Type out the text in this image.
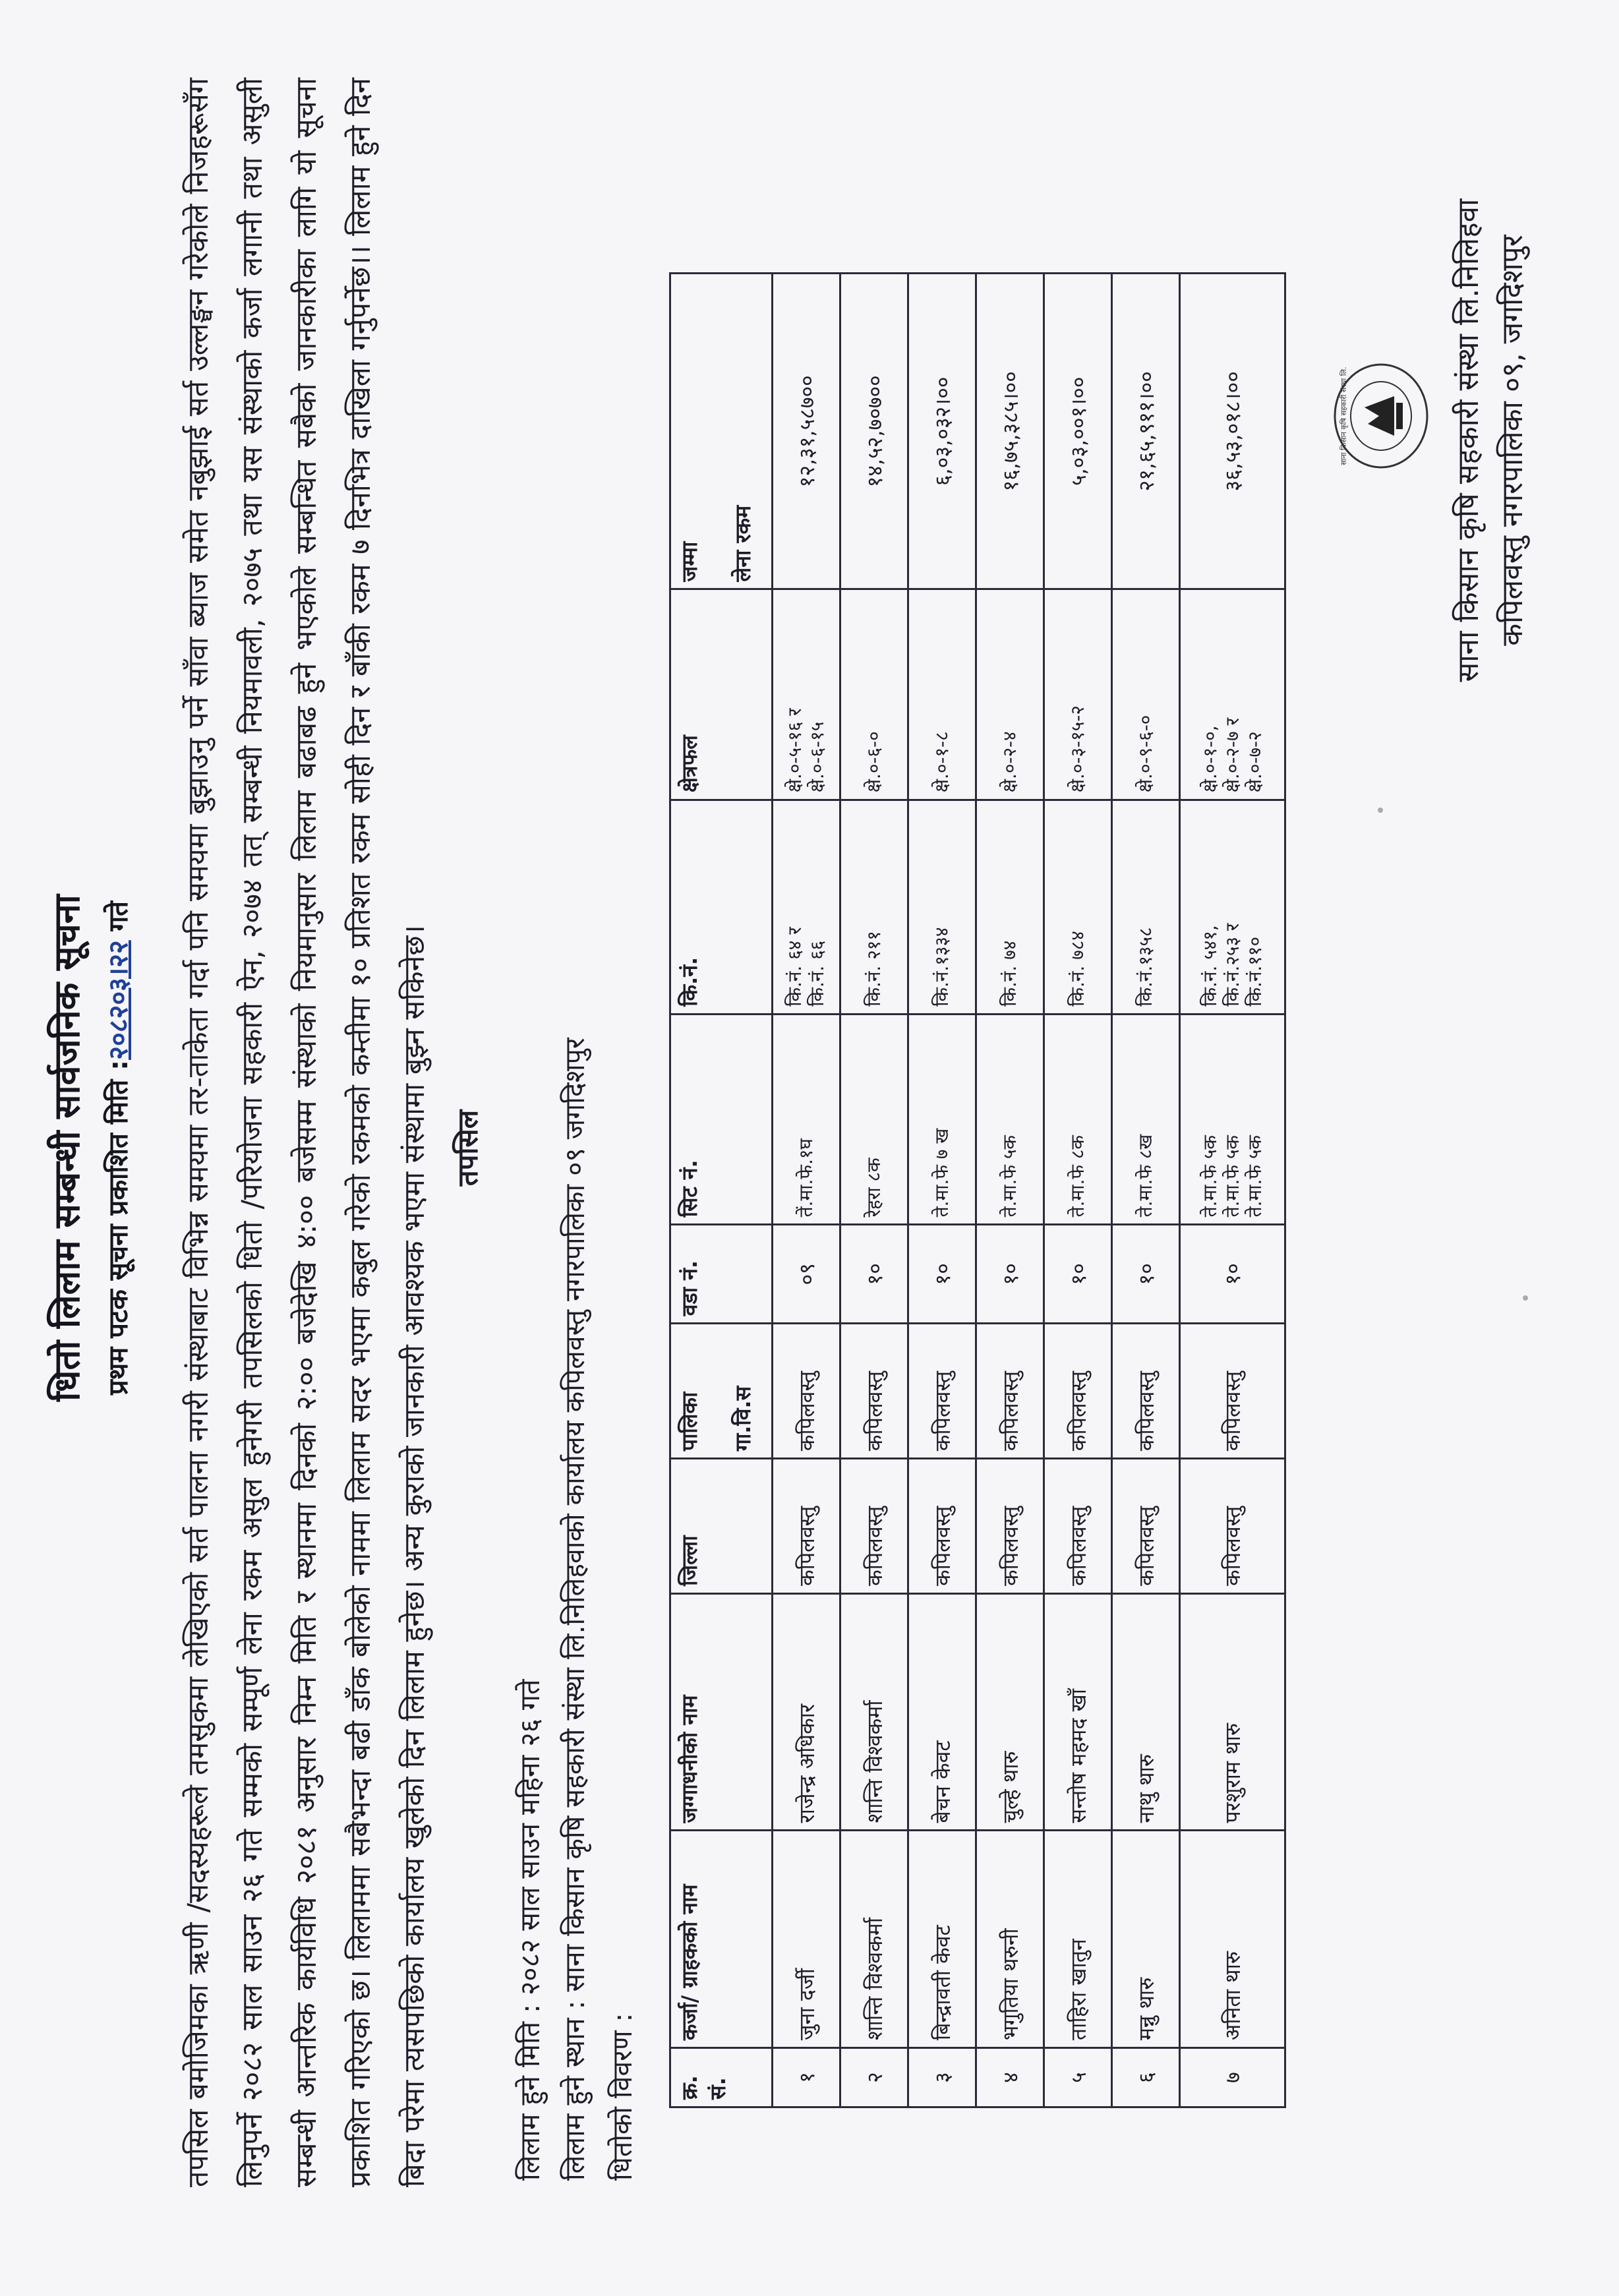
धितो लिलाम सम्बन्धी सार्वजनिक सूचना प्रथम पटक सूचना प्रकाशित मिति :२०८२०३।२२ गते	तपसिल बमोजिमका ऋणी /सदस्यहरूले तमसुकमा लेखिएको सर्त पालना नगरी संस्थाबाट विभिन्न समयमा तर-ताकेता गर्दा पनि समयमा बुझाउनु पर्ने साँवा ब्याज समेत नबुझाई सर्त उल्लङ्घन गरेकोले निजहरूसँग लिनुपर्ने २०८२ साल साउन २६ गते सम्मको सम्पूर्ण लेना रकम असुल हुनेगरी तपसिलको धितो /परियोजना सहकारी ऐन, २०७४ तत् सम्बन्धी नियमावली, २०७५ तथा यस संस्थाको कर्जा लगानी तथा असुली सम्बन्धी आन्तरिक कार्यविधि २०८१ अनुसार निम्न मिति र स्थानमा दिनको २:०० बजेदेखि ४:०० बजेसम्म संस्थाको नियमानुसार लिलाम बढाबढ हुने भएकोले सम्बन्धित सबैको जानकारीका लागि यो सूचना प्रकाशित गरिएको छ। लिलाममा सबैभन्दा बढी डाँक बोलेको नाममा लिलाम सदर भएमा कबुल गरेको रकमको कम्तीमा १० प्रतिशत रकम सोही दिन र बाँकी रकम ७ दिनभित्र दाखिला गर्नुपर्नेछ।। लिलाम हुने दिन बिदा परेमा त्यसपछिको कार्यालय खुलेको दिन लिलाम हुनेछ। अन्य कुराको जानकारी आवश्यक भएमा संस्थामा बुझ्न सकिनेछ। तपसिल
लिलाम हुने मिति : २०८२ साल साउन महिना २६ गते लिलाम हुने स्थान : साना किसान कृषि सहकारी संस्था लि.निलिहवाको कार्यालय कपिलवस्तु नगरपालिका ०९ जगदिशपुर धितोको विवरण : क्र. सं.	कर्जा/ ग्राहकको नाम	जग्गाधनीको नाम	जिल्ला	पालिका गा.वि.स	वडा नं.	सिट नं.	कि.नं.	क्षेत्रफल	जम्मा लेना रकम
१	जुना दर्जी	राजेन्द्र अधिकार	कपिलवस्तु	कपिलवस्तु	०९	तें.मा.फे.१घ	कि.नं. ६४ र कि.नं. ६६	क्षे.०-५-१६ र क्षे.०-६-१५	१२,३१,५८७००
२	शान्ति विश्वकर्मा	शान्ति विश्वकर्मा	कपिलवस्तु	कपिलवस्तु	१०	रेहरा ८क	कि.नं. २११	क्षे.०-६-०	१४,५२,७०७००
३	बिन्द्रावती केवट	बेचन केवट	कपिलवस्तु	कपिलवस्तु	१०	ते.मा.फे ७ ख	कि.नं.१३३४	क्षे.०-१-८	६,०३,०३२।००
४	भगुतिया थरुनी	चुल्हे थारु	कपिलवस्तु	कपिलवस्तु	१०	ते.मा.फे ५क	कि.नं. ७४	क्षे.०-२-४	१६,७५,३८५।००
५	ताहिरा खातुन	सन्तोष महमद खाँ	कपिलवस्तु	कपिलवस्तु	१०	ते.मा.फे ८क	कि.नं. ७८४	क्षे.०-३-१५-२	५,०३,००१।००
६	मन्नु थारु	नाथु थारु	कपिलवस्तु	कपिलवस्तु	१०	ते.मा.फे ८ख	कि.नं.१३५८	क्षे.०-९-६-०	२१,६५,९११।००
७	अनिता थारु	परशुराम थारु	कपिलवस्तु	कपिलवस्तु	१०	ते.मा.फे ५क ते.मा.फे ५क ते.मा.फे ५क	कि.नं. ५४१, कि.नं.२५३ र कि.नं.११०	क्षे.०-१-०, क्षे.०-२-७ र क्षे.०-७-२	३६,५३,०१८।००	साना किसान कृषि सहकारी संस्था लि.	साना किसान कृषि सहकारी संस्था लि.निलिहवा कपिलवस्तु नगरपालिका ०९, जगदिशपुर
